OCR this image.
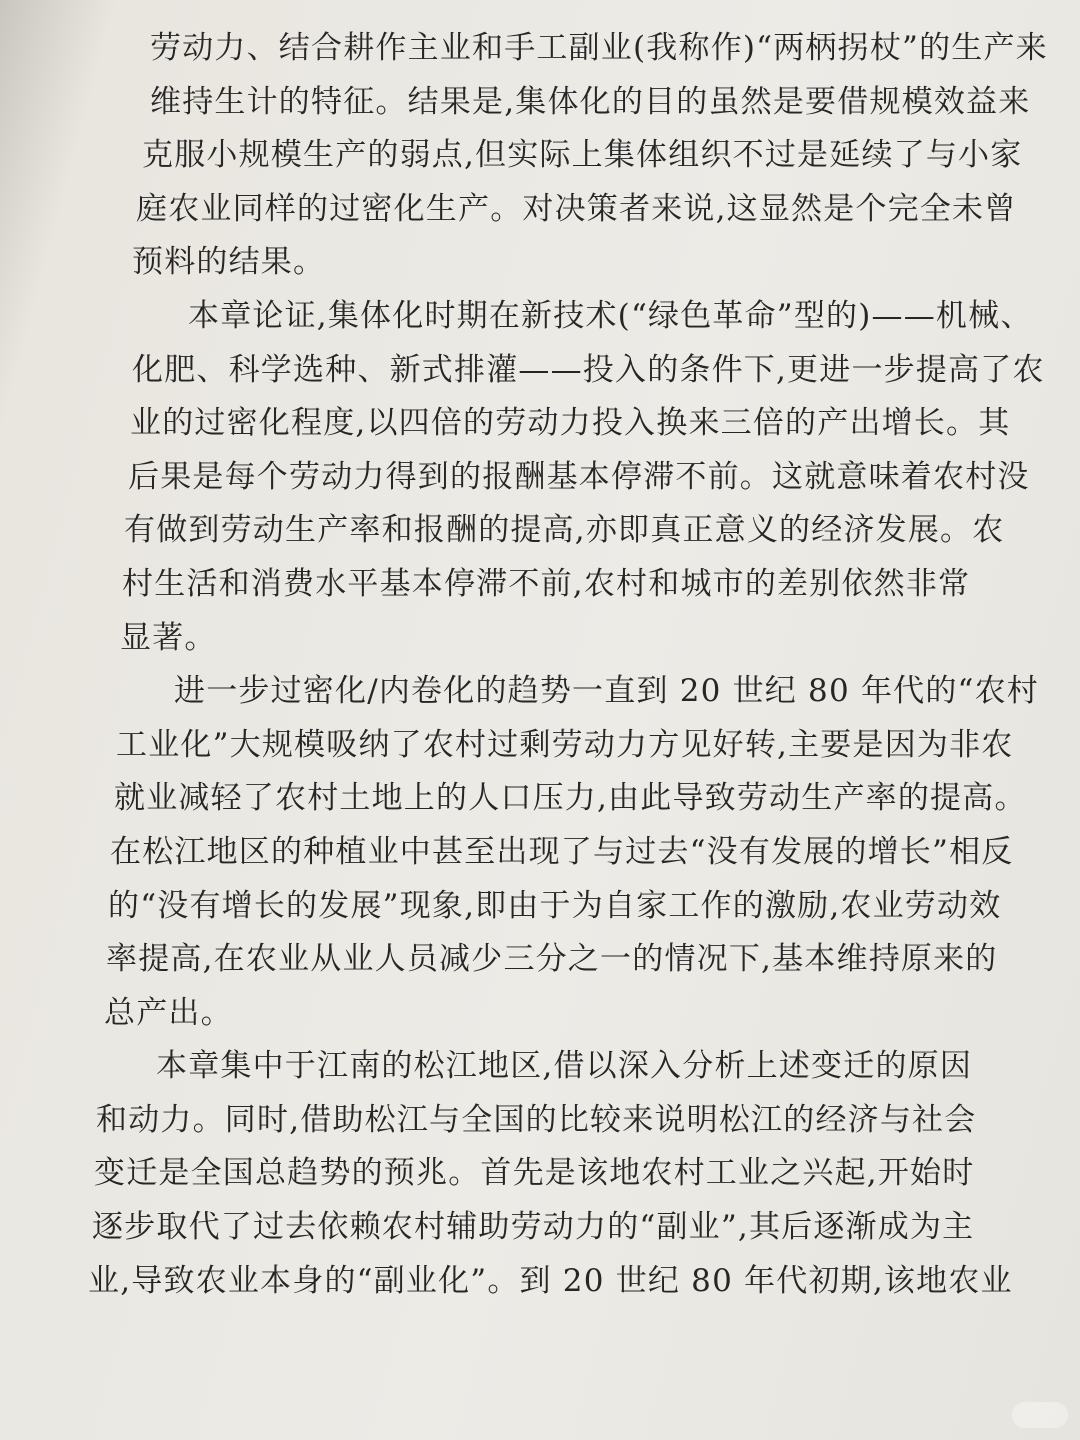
劳动力、结合耕作主业和手工副业(我称作)“两柄拐杖”的生产来
维持生计的特征。结果是,集体化的目的虽然是要借规模效益来
克服小规模生产的弱点,但实际上集体组织不过是延续了与小家
庭农业同样的过密化生产。对决策者来说,这显然是个完全未曾
预料的结果。
本章论证,集体化时期在新技术(“绿色革命”型的)——机械、
化肥、科学选种、新式排灌——投入的条件下,更进一步提高了农
业的过密化程度,以四倍的劳动力投入换来三倍的产出增长。其
后果是每个劳动力得到的报酬基本停滞不前。这就意味着农村没
有做到劳动生产率和报酬的提高,亦即真正意义的经济发展。农
村生活和消费水平基本停滞不前,农村和城市的差别依然非常
显著。
进一步过密化/内卷化的趋势一直到 20 世纪 80 年代的“农村
工业化”大规模吸纳了农村过剩劳动力方见好转,主要是因为非农
就业减轻了农村土地上的人口压力,由此导致劳动生产率的提高。
在松江地区的种植业中甚至出现了与过去“没有发展的增长”相反
的“没有增长的发展”现象,即由于为自家工作的激励,农业劳动效
率提高,在农业从业人员减少三分之一的情况下,基本维持原来的
总产出。
本章集中于江南的松江地区,借以深入分析上述变迁的原因
和动力。同时,借助松江与全国的比较来说明松江的经济与社会
变迁是全国总趋势的预兆。首先是该地农村工业之兴起,开始时
逐步取代了过去依赖农村辅助劳动力的“副业”,其后逐渐成为主
业,导致农业本身的“副业化”。到 20 世纪 80 年代初期,该地农业
